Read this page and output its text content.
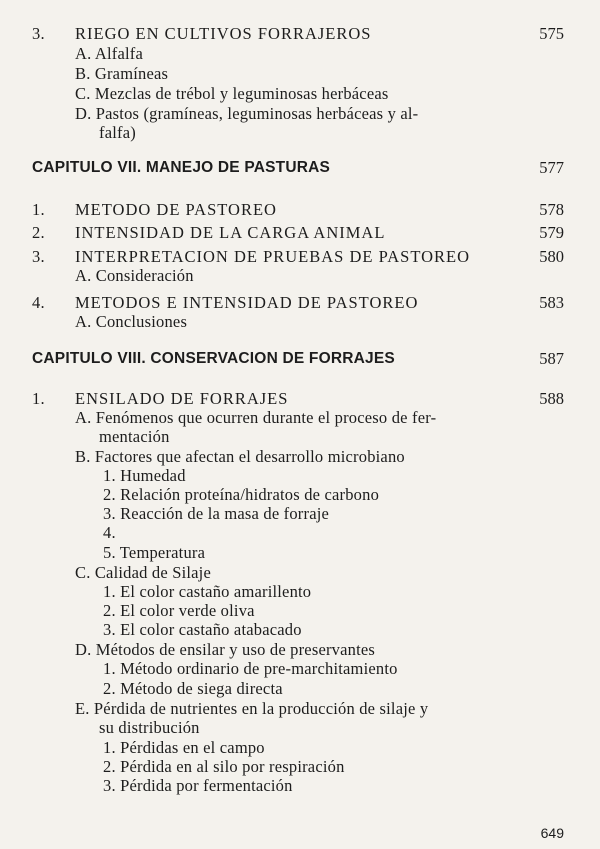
3. RIEGO EN CULTIVOS FORRAJEROS	575
A. Alfalfa
B. Gramíneas
C. Mezclas de trébol y leguminosas herbáceas
D. Pastos (gramíneas, leguminosas herbáceas y al-
falfa)
CAPITULO VII. MANEJO DE PASTURAS	577
1. METODO DE PASTOREO	578
2. INTENSIDAD DE LA CARGA ANIMAL	579
3. INTERPRETACION DE PRUEBAS DE PASTOREO	580
A. Consideración
4. METODOS E INTENSIDAD DE PASTOREO	583
A. Conclusiones
CAPITULO VIII. CONSERVACION DE FORRAJES	587
1. ENSILADO DE FORRAJES	588
A. Fenómenos que ocurren durante el proceso de fer-
mentación
B. Factores que afectan el desarrollo microbiano
1. Humedad
2. Relación proteína/hidratos de carbono
3. Reacción de la masa de forraje
4.
5. Temperatura
C. Calidad de Silaje
1. El color castaño amarillento
2. El color verde oliva
3. El color castaño atabacado
D. Métodos de ensilar y uso de preservantes
1. Método ordinario de pre-marchitamiento
2. Método de siega directa
E. Pérdida de nutrientes en la producción de silaje y
su distribución
1. Pérdidas en el campo
2. Pérdida en al silo por respiración
3. Pérdida por fermentación
649
